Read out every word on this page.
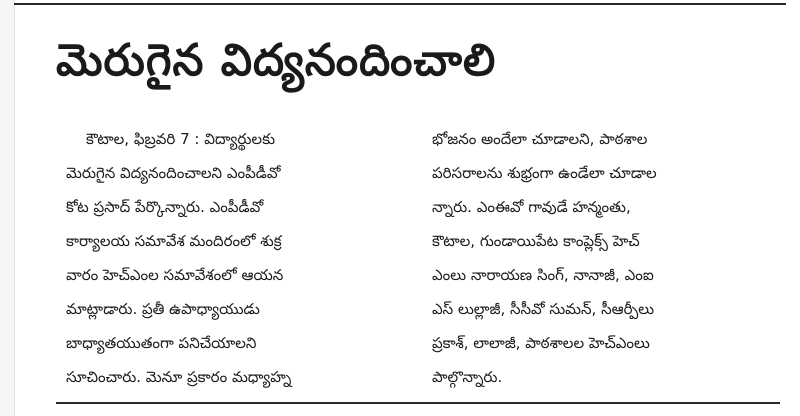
మెరుగైన విద్యనందించాలి
కౌటాల, ఫిబ్రవరి 7 : విద్యార్థులకు
మెరుగైన విద్యనందించాలని ఎంపీడీవో
కోట ప్రసాద్ పేర్కొన్నారు. ఎంపీడీవో
కార్యాలయ సమావేశ మందిరంలో శుక్ర
వారం హెచ్ఎంల సమావేశంలో ఆయన
మాట్లాడారు. ప్రతీ ఉపాధ్యాయుడు
బాధ్యాతయుతంగా పనిచేయాలని
సూచించారు. మెనూ ప్రకారం మధ్యాహ్న
భోజనం అందేలా చూడాలని, పాఠశాల
పరిసరాలను శుభ్రంగా ఉండేలా చూడాల
న్నారు. ఎంఈవో గావుడే హన్మంతు,
కౌటాల, గుండాయిపేట కాంప్లెక్స్ హెచ్
ఎంలు నారాయణ సింగ్, నానాజీ, ఎంఐ
ఎస్ లుల్లాజీ, సీసీవో సుమన్, సీఆర్పీలు
ప్రకాశ్, లాలాజీ, పాఠశాలల హెచ్ఎంలు
పాల్గొన్నారు.
